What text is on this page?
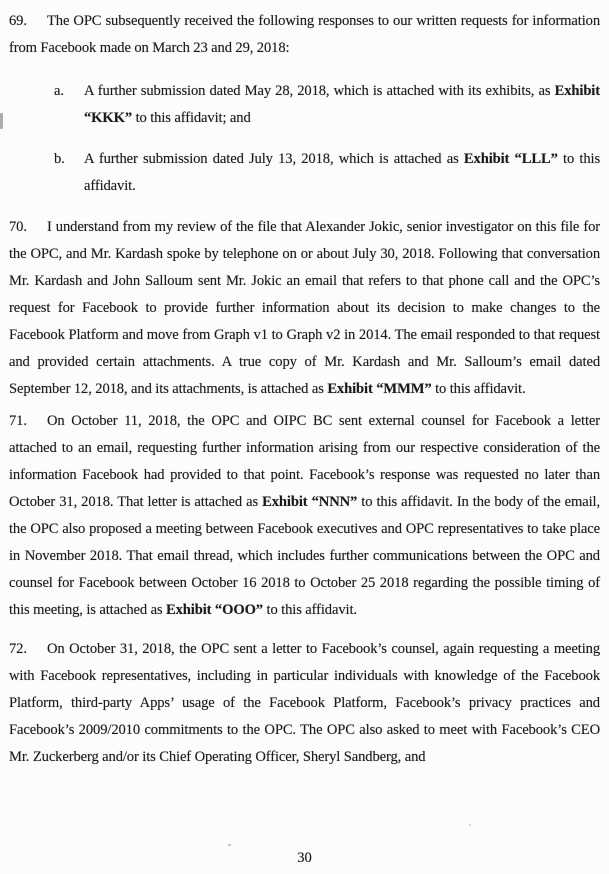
69. The OPC subsequently received the following responses to our written requests for information from Facebook made on March 23 and 29, 2018:

a. A further submission dated May 28, 2018, which is attached with its exhibits, as Exhibit “KKK” to this affidavit; and

b. A further submission dated July 13, 2018, which is attached as Exhibit “LLL” to this affidavit.

70. I understand from my review of the file that Alexander Jokic, senior investigator on this file for the OPC, and Mr. Kardash spoke by telephone on or about July 30, 2018. Following that conversation Mr. Kardash and John Salloum sent Mr. Jokic an email that refers to that phone call and the OPC’s request for Facebook to provide further information about its decision to make changes to the Facebook Platform and move from Graph v1 to Graph v2 in 2014. The email responded to that request and provided certain attachments. A true copy of Mr. Kardash and Mr. Salloum’s email dated September 12, 2018, and its attachments, is attached as Exhibit “MMM” to this affidavit.

71. On October 11, 2018, the OPC and OIPC BC sent external counsel for Facebook a letter attached to an email, requesting further information arising from our respective consideration of the information Facebook had provided to that point. Facebook’s response was requested no later than October 31, 2018. That letter is attached as Exhibit “NNN” to this affidavit. In the body of the email, the OPC also proposed a meeting between Facebook executives and OPC representatives to take place in November 2018. That email thread, which includes further communications between the OPC and counsel for Facebook between October 16 2018 to October 25 2018 regarding the possible timing of this meeting, is attached as Exhibit “OOO” to this affidavit.

72. On October 31, 2018, the OPC sent a letter to Facebook’s counsel, again requesting a meeting with Facebook representatives, including in particular individuals with knowledge of the Facebook Platform, third-party Apps’ usage of the Facebook Platform, Facebook’s privacy practices and Facebook’s 2009/2010 commitments to the OPC. The OPC also asked to meet with Facebook’s CEO Mr. Zuckerberg and/or its Chief Operating Officer, Sheryl Sandberg, and

30
